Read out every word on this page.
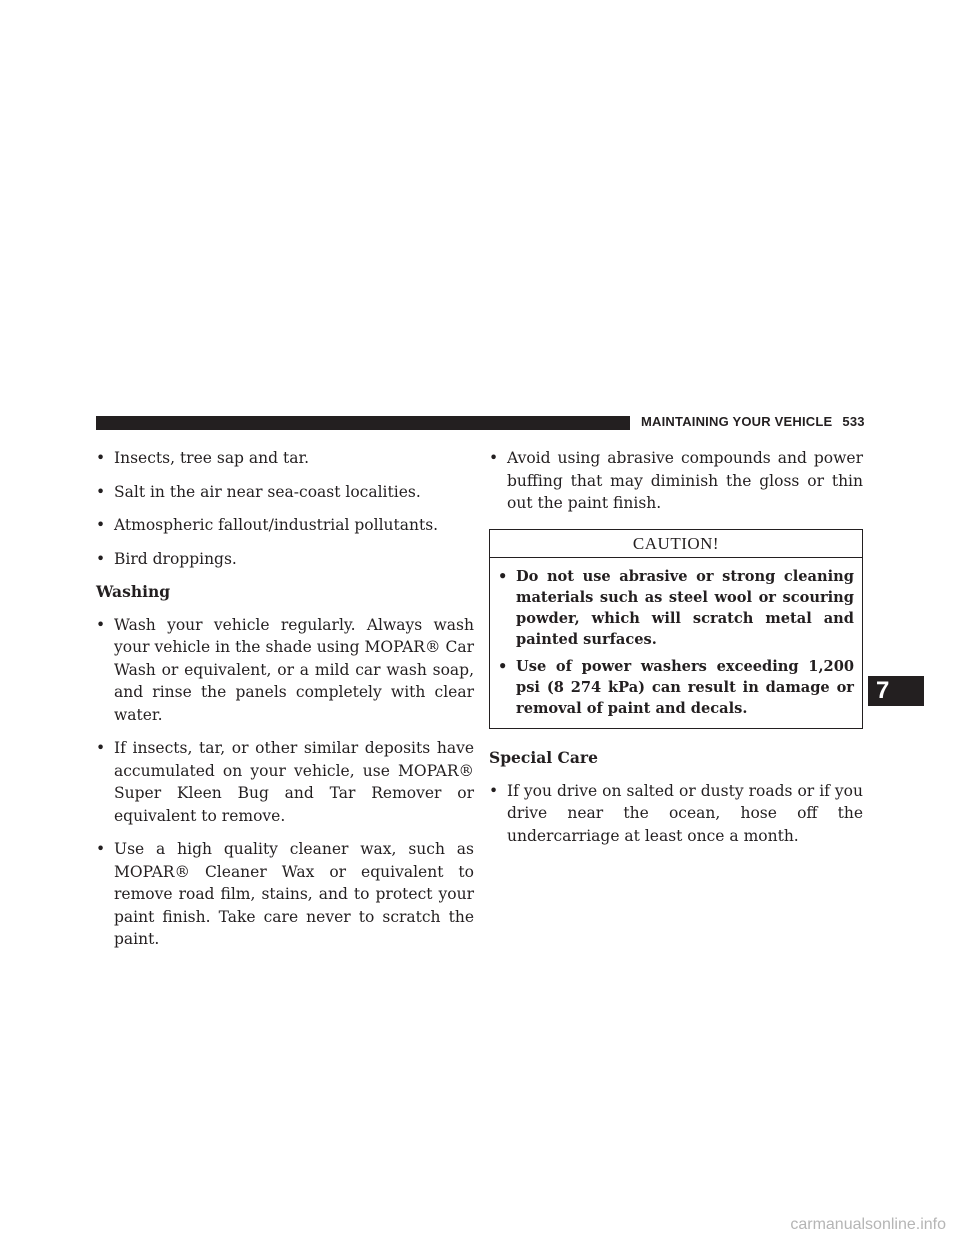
MAINTAINING YOUR VEHICLE 533
• Insects, tree sap and tar.
• Salt in the air near sea-coast localities.
• Atmospheric fallout/industrial pollutants.
• Bird droppings.
Washing
• Wash your vehicle regularly. Always wash your vehicle in the shade using MOPAR® Car Wash or equivalent, or a mild car wash soap, and rinse the panels completely with clear water.
• If insects, tar, or other similar deposits have accumulated on your vehicle, use MOPAR® Super Kleen Bug and Tar Remover or equivalent to remove.
• Use a high quality cleaner wax, such as MOPAR® Cleaner Wax or equivalent to remove road film, stains, and to protect your paint finish. Take care never to scratch the paint.
• Avoid using abrasive compounds and power buffing that may diminish the gloss or thin out the paint finish.
CAUTION!
• Do not use abrasive or strong cleaning materials such as steel wool or scouring powder, which will scratch metal and painted surfaces.
• Use of power washers exceeding 1,200 psi (8 274 kPa) can result in damage or removal of paint and decals.
Special Care
• If you drive on salted or dusty roads or if you drive near the ocean, hose off the undercarriage at least once a month.
7
carmanualsonline.info
